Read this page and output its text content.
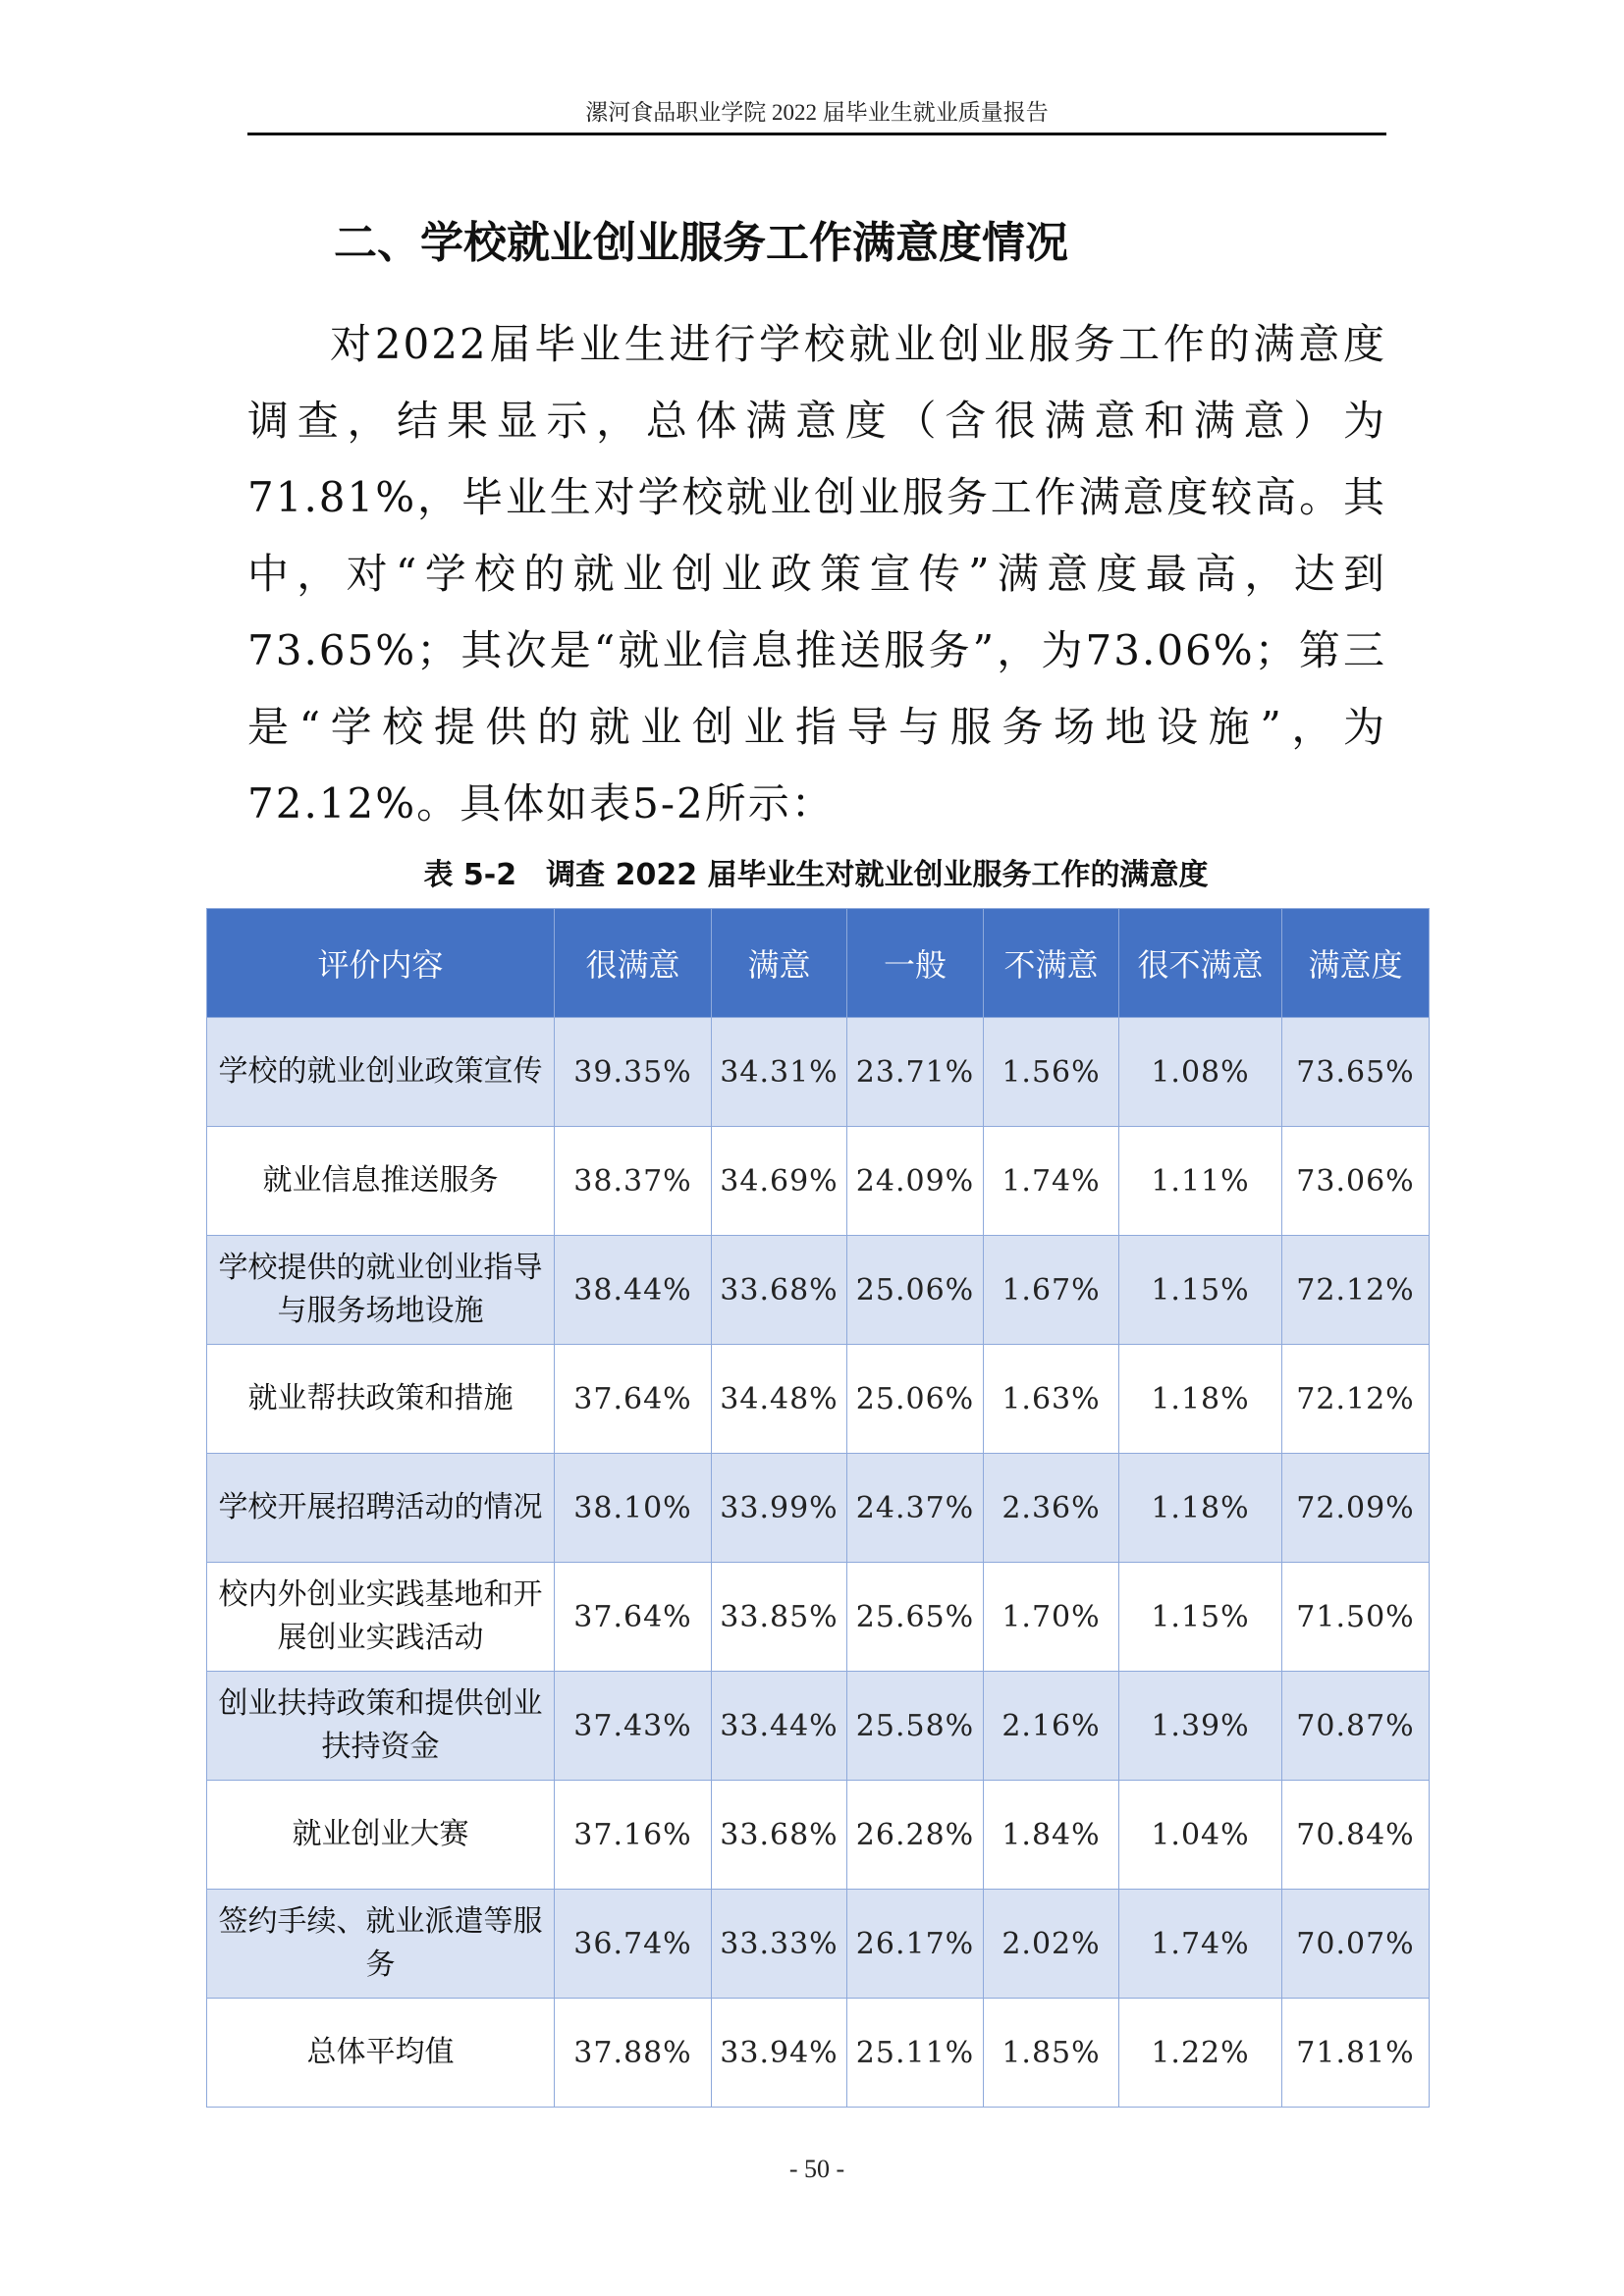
漯河食品职业学院 2022 届毕业生就业质量报告
二、学校就业创业服务工作满意度情况

对2022届毕业生进行学校就业创业服务工作的满意度调查，结果显示，总体满意度（含很满意和满意）为71.81%，毕业生对学校就业创业服务工作满意度较高。其中，对“学校的就业创业政策宣传”满意度最高，达到73.65%；其次是“就业信息推送服务”，为73.06%；第三是“学校提供的就业创业指导与服务场地设施”，为72.12%。具体如表5-2所示：

表 5-2　调查 2022 届毕业生对就业创业服务工作的满意度
评价内容	很满意	满意	一般	不满意	很不满意	满意度
学校的就业创业政策宣传	39.35%	34.31%	23.71%	1.56%	1.08%	73.65%
就业信息推送服务	38.37%	34.69%	24.09%	1.74%	1.11%	73.06%
学校提供的就业创业指导与服务场地设施	38.44%	33.68%	25.06%	1.67%	1.15%	72.12%
就业帮扶政策和措施	37.64%	34.48%	25.06%	1.63%	1.18%	72.12%
学校开展招聘活动的情况	38.10%	33.99%	24.37%	2.36%	1.18%	72.09%
校内外创业实践基地和开展创业实践活动	37.64%	33.85%	25.65%	1.70%	1.15%	71.50%
创业扶持政策和提供创业扶持资金	37.43%	33.44%	25.58%	2.16%	1.39%	70.87%
就业创业大赛	37.16%	33.68%	26.28%	1.84%	1.04%	70.84%
签约手续、就业派遣等服务	36.74%	33.33%	26.17%	2.02%	1.74%	70.07%
总体平均值	37.88%	33.94%	25.11%	1.85%	1.22%	71.81%
- 50 -
